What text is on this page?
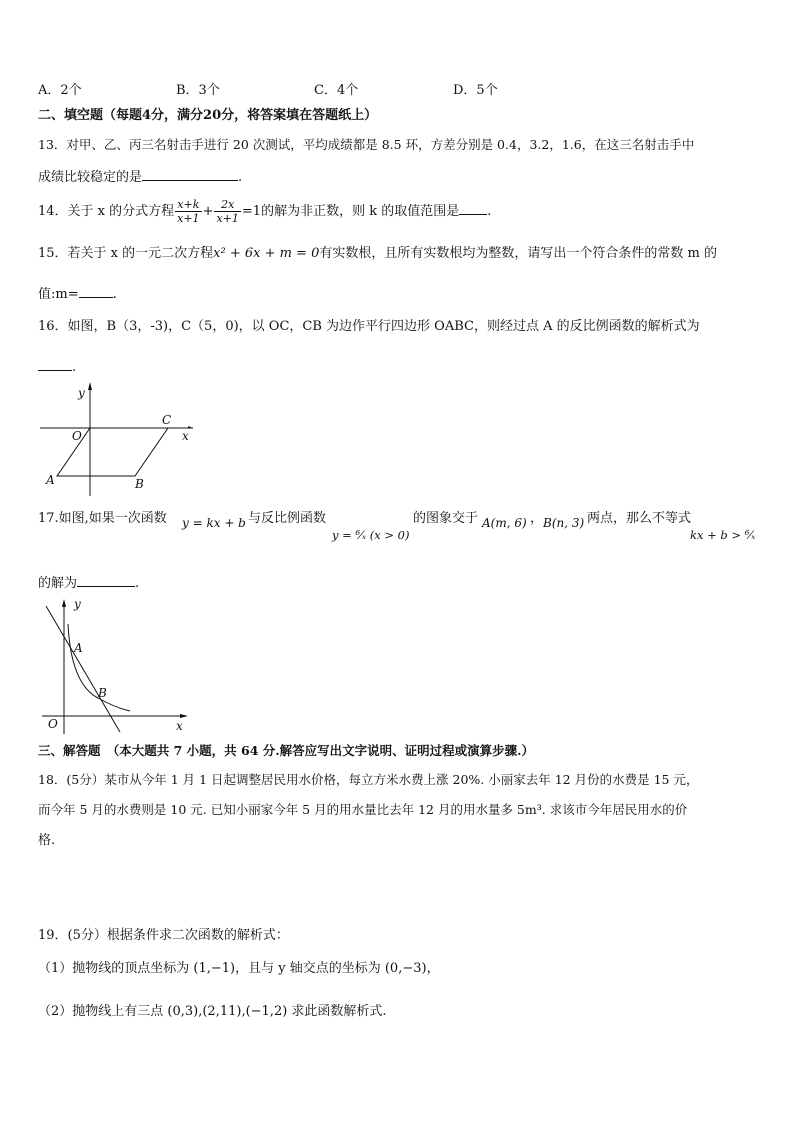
A．2个	B．3个	C．4个	D．5个
二、填空题（每题4分，满分20分，将答案填在答题纸上）
13．对甲、乙、丙三名射击手进行 20 次测试，平均成绩都是 8.5 环，方差分别是 0.4，3.2，1.6，在这三名射击手中
成绩比较稳定的是	.
14．关于 x 的分式方程 $\frac{x+k}{x+1} + \frac{2x}{x+1} =1$的解为非正数，则 k 的取值范围是 .
15．若关于 x 的一元二次方程x² + 6x + m = 0有实数根，且所有实数根均为整数，请写出一个符合条件的常数 m 的
值:m=	.
16．如图，B（3，-3)，C（5，0)，以 OC，CB 为边作平行四边形 OABC，则经过点 A 的反比例函数的解析式为
.
y
x
O
C
A	B
17.如图,如果一次函数 y = kx + b 与反比例函数
y = ⁶⁄ₓ (x > 0)
的图象交于 A(m, 6) ， B(n, 3) 两点，那么不等式
kx + b > ⁶⁄ₓ
的解为	.
y
x
O
A
B
三、解答题　（本大题共 7 小题，共 64 分.解答应写出文字说明、证明过程或演算步骤.）
18．(5分）某市从今年 1 月 1 日起调整居民用水价格，每立方米水费上涨 20%. 小丽家去年 12 月份的水费是 15 元，
而今年 5 月的水费则是 10 元. 已知小丽家今年 5 月的用水量比去年 12 月的用水量多 5m³. 求该市今年居民用水的价
格.
19．(5分）根据条件求二次函数的解析式：
（1）抛物线的顶点坐标为 (1,−1)，且与 y 轴交点的坐标为 (0,−3)，
（2）抛物线上有三点 (0,3),(2,11),(−1,2) 求此函数解析式.
